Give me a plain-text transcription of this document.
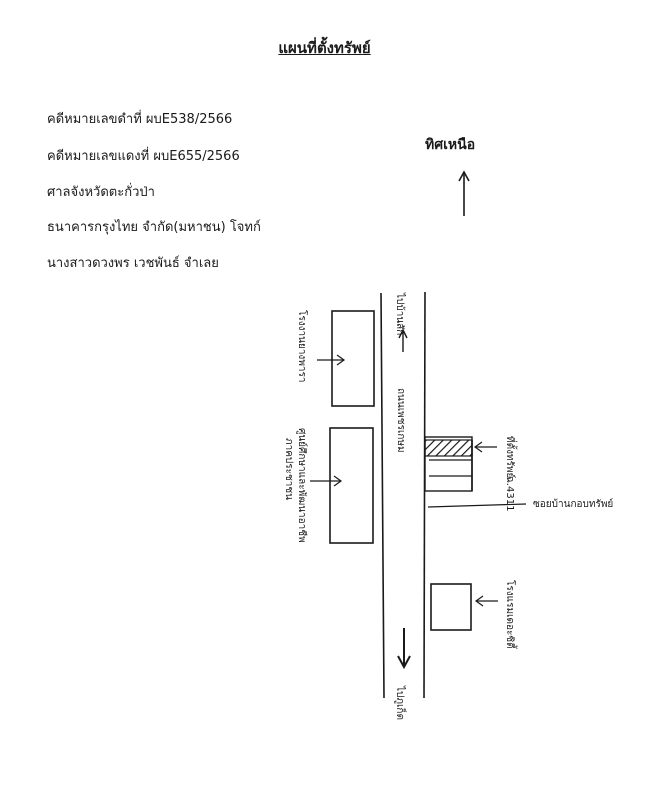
แผนที่ตั้งทรัพย์
คดีหมายเลขดำที่ ผบE538/2566
คดีหมายเลขแดงที่ ผบE655/2566
ศาลจังหวัดตะกั่วป่า
ธนาคารกรุงไทย จำกัด(มหาชน) โจทก์
นางสาวดวงพร เวชพันธ์ จำเลย
ทิศเหนือ
ไปบ้านสัก
ถนนเพชรเกษม
ไปภูเก็ต
โรงงานยางพารา
ศูนย์ศึกษาและพัฒนาอาชีพ
ภาคประชาชน	ที่ตั้งทรัพย์
ฉ.4311 ซอยบ้านกอบทรัพย์
โรงแรมเดอะซิตี้
